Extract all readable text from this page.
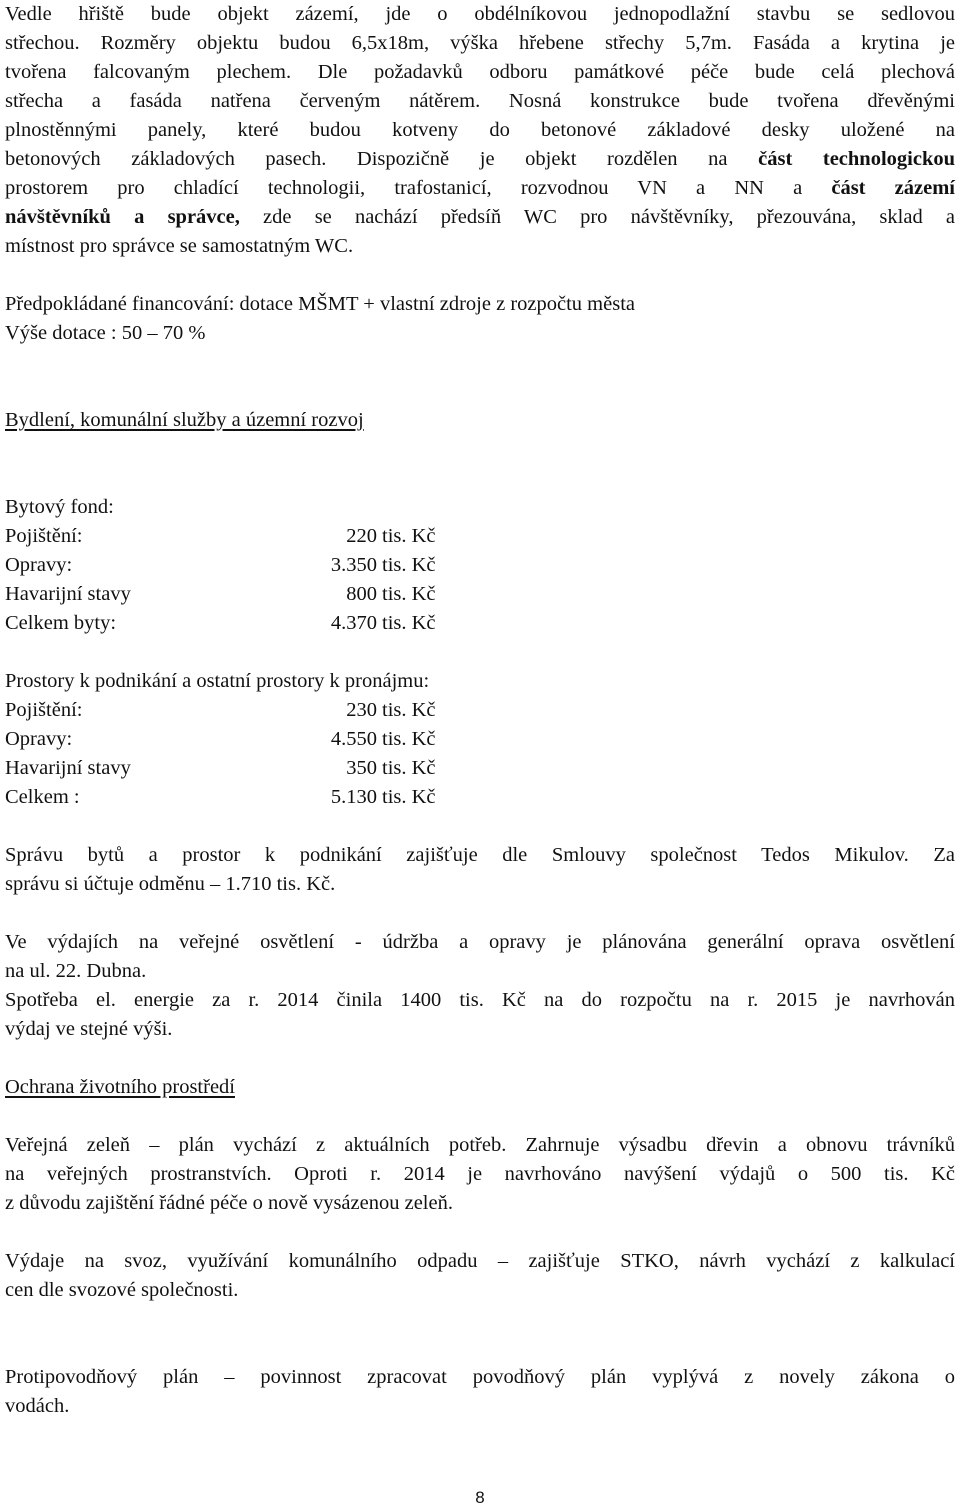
Vedle hřiště bude objekt zázemí, jde o obdélníkovou jednopodlažní stavbu se sedlovou

střechou. Rozměry objektu budou 6,5x18m, výška hřebene střechy 5,7m. Fasáda a krytina je

tvořena falcovaným plechem. Dle požadavků odboru památkové péče bude celá plechová

střecha a fasáda natřena červeným nátěrem. Nosná konstrukce bude tvořena dřevěnými

plnostěnnými panely, které budou kotveny do betonové základové desky uložené na

betonových základových pasech. Dispozičně je objekt rozdělen na část technologickou

prostorem pro chladící technologii, trafostanicí, rozvodnou VN a NN a část zázemí

návštěvníků a správce, zde se nachází předsíň WC pro návštěvníky, přezouvána, sklad a

místnost pro správce se samostatným WC.

Předpokládané financování: dotace MŠMT + vlastní zdroje z rozpočtu města

Výše dotace : 50 – 70 %

Bydlení, komunální služby a územní rozvoj

Bytový fond:

Pojištění:	220 tis. Kč
Opravy:	3.350 tis. Kč
Havarijní stavy	800 tis. Kč
Celkem byty:	4.370 tis. Kč

Prostory k podnikání a ostatní prostory k pronájmu:

Pojištění:	230 tis. Kč
Opravy:	4.550 tis. Kč
Havarijní stavy	350 tis. Kč
Celkem :	5.130 tis. Kč

Správu bytů a prostor k podnikání zajišťuje dle Smlouvy společnost Tedos Mikulov. Za

správu si účtuje odměnu – 1.710 tis. Kč.

Ve výdajích na veřejné osvětlení - údržba a opravy je plánována generální oprava osvětlení

na ul. 22. Dubna.

Spotřeba el. energie za r. 2014 činila 1400 tis. Kč na do rozpočtu na r. 2015 je navrhován

výdaj ve stejné výši.

Ochrana životního prostředí

Veřejná zeleň – plán vychází z aktuálních potřeb. Zahrnuje výsadbu dřevin a obnovu trávníků

na veřejných prostranstvích. Oproti r. 2014 je navrhováno navýšení výdajů o 500 tis. Kč

z důvodu zajištění řádné péče o nově vysázenou zeleň.

Výdaje na svoz, využívání komunálního odpadu – zajišťuje STKO, návrh vychází z kalkulací

cen dle svozové společnosti.

Protipovodňový plán – povinnost zpracovat povodňový plán vyplývá z novely zákona o

vodách.

8
